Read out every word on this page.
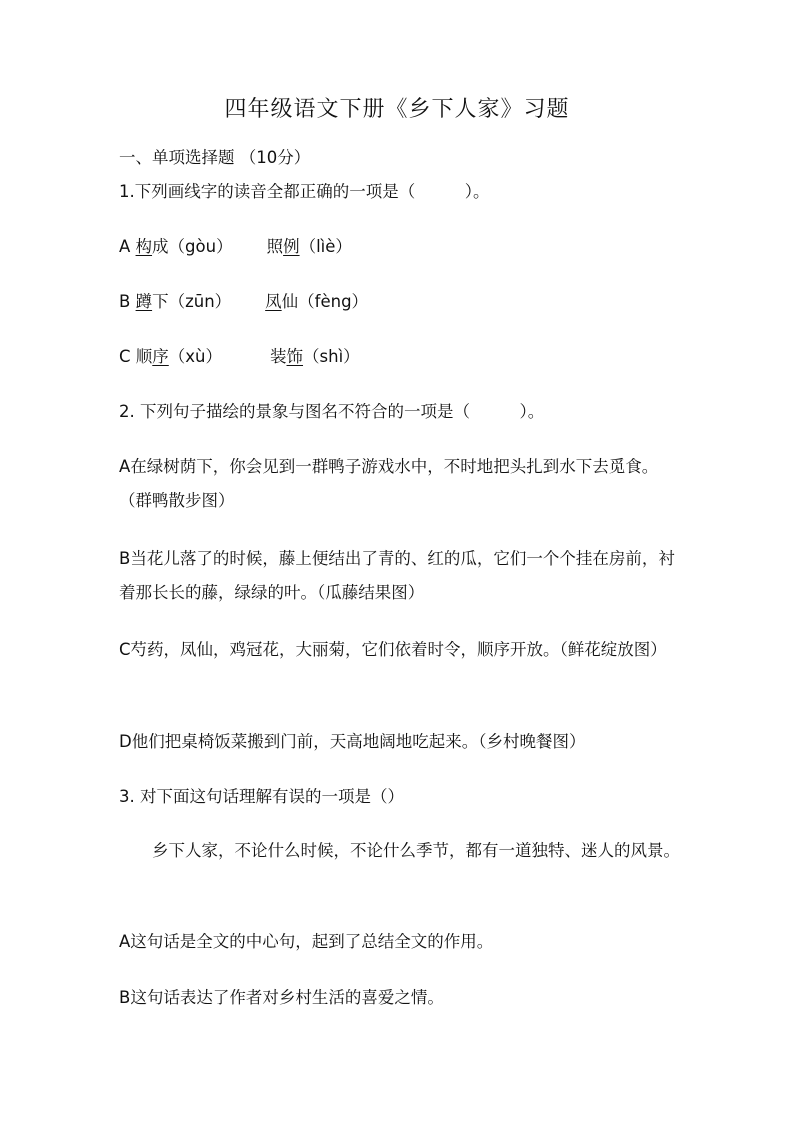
四年级语文下册《乡下人家》习题
一、单项选择题 （10分）
1.下列画线字的读音全都正确的一项是（　　　）。
A 构成（gòu） 照例（lìè）
B 蹲下（zūn） 凤仙（fèng）
C 顺序（xù）	装饰（shì）
2. 下列句子描绘的景象与图名不符合的一项是（　　　）。
A在绿树荫下，你会见到一群鸭子游戏水中，不时地把头扎到水下去觅食。（群鸭散步图）
B当花儿落了的时候，藤上便结出了青的、红的瓜，它们一个个挂在房前，衬着那长长的藤，绿绿的叶。（瓜藤结果图）
C芍药，凤仙，鸡冠花，大丽菊，它们依着时令，顺序开放。（鲜花绽放图）
D他们把桌椅饭菜搬到门前，天高地阔地吃起来。（乡村晚餐图）
3. 对下面这句话理解有误的一项是（）
乡下人家，不论什么时候，不论什么季节，都有一道独特、迷人的风景。
A这句话是全文的中心句，起到了总结全文的作用。
B这句话表达了作者对乡村生活的喜爱之情。
